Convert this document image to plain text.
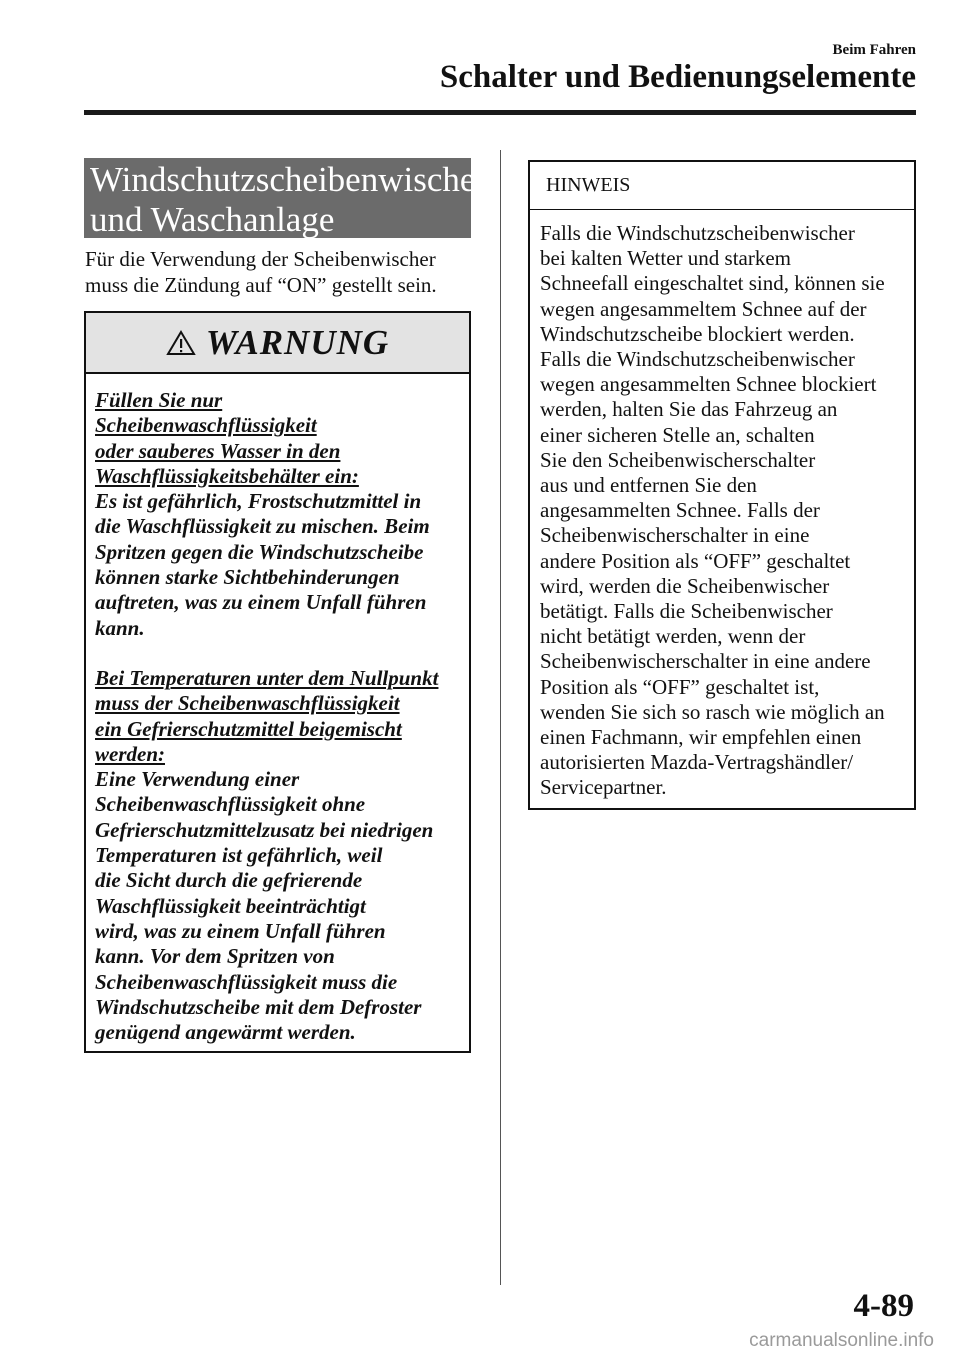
Beim Fahren

Schalter und Bedienungselemente

Windschutzscheibenwischer
und Waschanlage

Für die Verwendung der Scheibenwischer
muss die Zündung auf “ON” gestellt sein.

WARNUNG

Füllen Sie nur
Scheibenwaschflüssigkeit
oder sauberes Wasser in den
Waschflüssigkeitsbehälter ein:
Es ist gefährlich, Frostschutzmittel in
die Waschflüssigkeit zu mischen. Beim
Spritzen gegen die Windschutzscheibe
können starke Sichtbehinderungen
auftreten, was zu einem Unfall führen
kann.

Bei Temperaturen unter dem Nullpunkt
muss der Scheibenwaschflüssigkeit
ein Gefrierschutzmittel beigemischt
werden:
Eine Verwendung einer
Scheibenwaschflüssigkeit ohne
Gefrierschutzmittelzusatz bei niedrigen
Temperaturen ist gefährlich, weil
die Sicht durch die gefrierende
Waschflüssigkeit beeinträchtigt
wird, was zu einem Unfall führen
kann. Vor dem Spritzen von
Scheibenwaschflüssigkeit muss die
Windschutzscheibe mit dem Defroster
genügend angewärmt werden.

HINWEIS

Falls die Windschutzscheibenwischer
bei kalten Wetter und starkem
Schneefall eingeschaltet sind, können sie
wegen angesammeltem Schnee auf der
Windschutzscheibe blockiert werden.
Falls die Windschutzscheibenwischer
wegen angesammelten Schnee blockiert
werden, halten Sie das Fahrzeug an
einer sicheren Stelle an, schalten
Sie den Scheibenwischerschalter
aus und entfernen Sie den
angesammelten Schnee. Falls der
Scheibenwischerschalter in eine
andere Position als “OFF” geschaltet
wird, werden die Scheibenwischer
betätigt. Falls die Scheibenwischer
nicht betätigt werden, wenn der
Scheibenwischerschalter in eine andere
Position als “OFF” geschaltet ist,
wenden Sie sich so rasch wie möglich an
einen Fachmann, wir empfehlen einen
autorisierten Mazda-Vertragshändler/
Servicepartner.

4-89

carmanualsonline.info
